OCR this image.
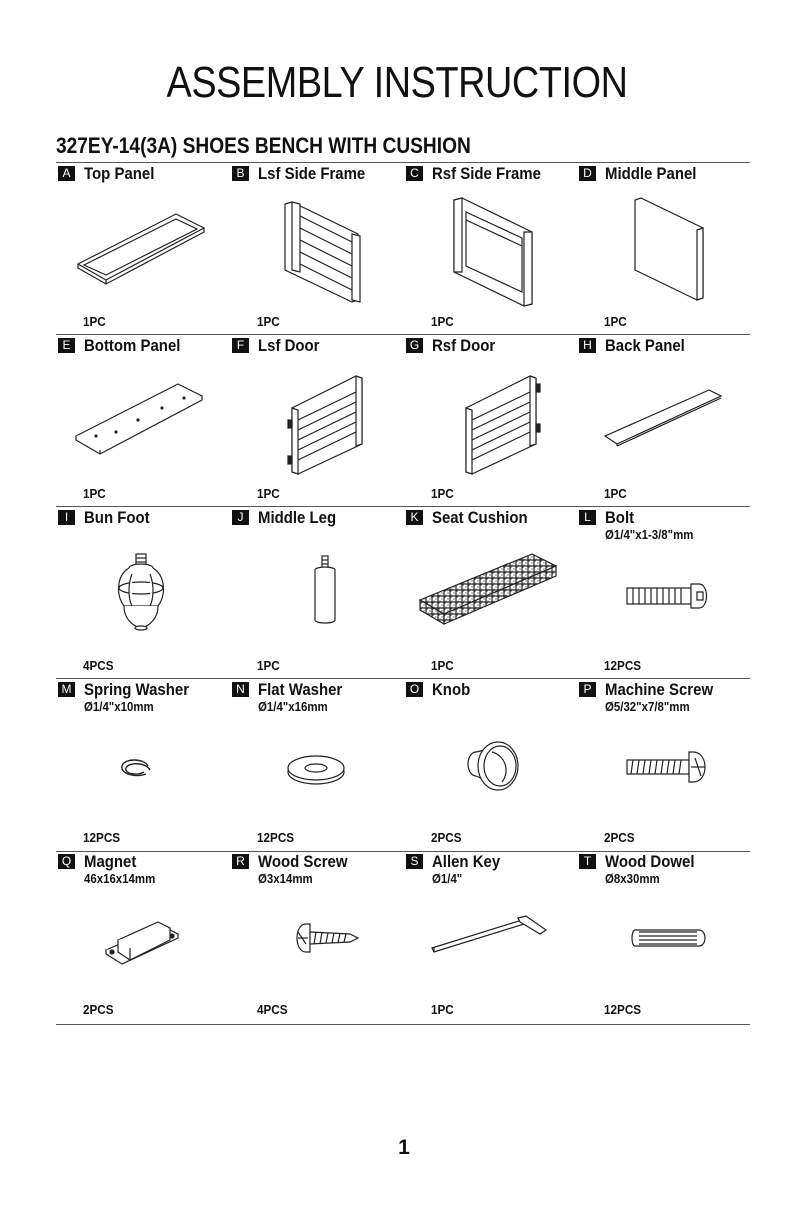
ASSEMBLY INSTRUCTION
327EY-14(3A) SHOES BENCH WITH CUSHION
A Top Panel
1PC
B Lsf Side Frame
1PC
C Rsf Side Frame
1PC
D Middle Panel
1PC
E Bottom Panel
1PC
F Lsf Door
1PC
G Rsf Door
1PC
H Back Panel
1PC
I Bun Foot
4PCS
J Middle Leg
1PC
K Seat Cushion
1PC
L Bolt
Ø1/4"x1-3/8"mm
12PCS
M Spring Washer
Ø1/4"x10mm
12PCS
N Flat Washer
Ø1/4"x16mm
12PCS
O Knob
2PCS
P Machine Screw
Ø5/32"x7/8"mm
2PCS
Q Magnet
46x16x14mm
2PCS
R Wood Screw
Ø3x14mm
4PCS
S Allen Key
Ø1/4"
1PC
T Wood Dowel
Ø8x30mm
12PCS
1
